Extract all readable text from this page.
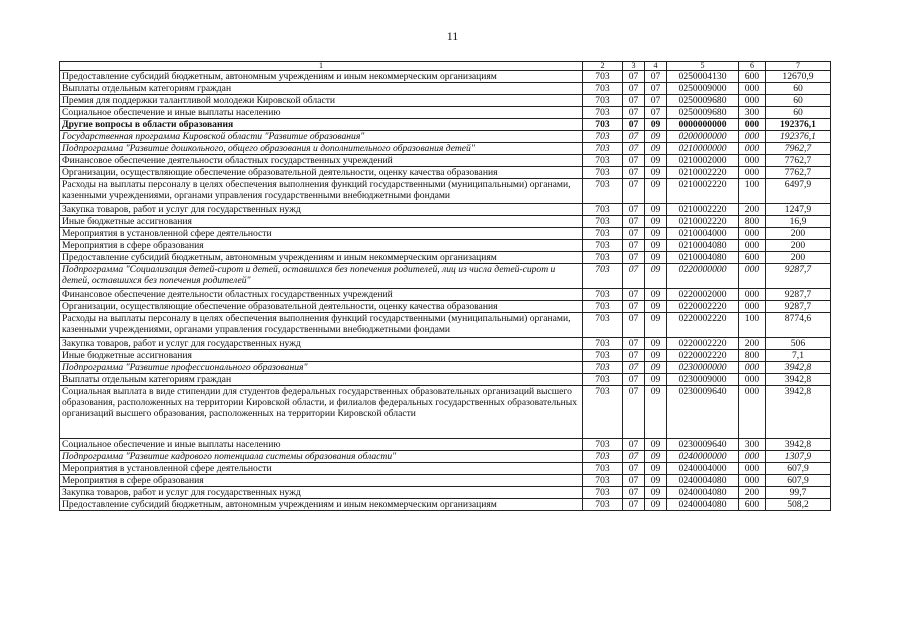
11
1	2	3	4	5	6	7
Предоставление субсидий бюджетным, автономным учреждениям и иным некоммерческим организациям	703	07	07	0250004130	600	12670,9
Выплаты отдельным категориям граждан	703	07	07	0250009000	000	60
Премия для поддержки талантливой молодежи Кировской области	703	07	07	0250009680	000	60
Социальное обеспечение и иные выплаты населению	703	07	07	0250009680	300	60
Другие вопросы в области образования	703	07	09	0000000000	000	192376,1
Государственная программа Кировской области "Развитие образования"	703	07	09	0200000000	000	192376,1
Подпрограмма "Развитие дошкольного, общего образования и дополнительного образования детей"	703	07	09	0210000000	000	7962,7
Финансовое обеспечение деятельности областных государственных учреждений	703	07	09	0210002000	000	7762,7
Организации, осуществляющие обеспечение образовательной деятельности, оценку качества образования	703	07	09	0210002220	000	7762,7
Расходы на выплаты персоналу в целях обеспечения выполнения функций государственными (муниципальными) органами, казенными учреждениями, органами управления государственными внебюджетными фондами	703	07	09	0210002220	100	6497,9
Закупка товаров, работ и услуг для государственных нужд	703	07	09	0210002220	200	1247,9
Иные бюджетные ассигнования	703	07	09	0210002220	800	16,9
Мероприятия в установленной сфере деятельности	703	07	09	0210004000	000	200
Мероприятия в сфере образования	703	07	09	0210004080	000	200
Предоставление субсидий бюджетным, автономным учреждениям и иным некоммерческим организациям	703	07	09	0210004080	600	200
Подпрограмма "Социализация детей-сирот и детей, оставшихся без попечения родителей, лиц из числа детей-сирот и детей, оставшихся без попечения родителей"	703	07	09	0220000000	000	9287,7
Финансовое обеспечение деятельности областных государственных учреждений	703	07	09	0220002000	000	9287,7
Организации, осуществляющие обеспечение образовательной деятельности, оценку качества образования	703	07	09	0220002220	000	9287,7
Расходы на выплаты персоналу в целях обеспечения выполнения функций государственными (муниципальными) органами, казенными учреждениями, органами управления государственными внебюджетными фондами	703	07	09	0220002220	100	8774,6
Закупка товаров, работ и услуг для государственных нужд	703	07	09	0220002220	200	506
Иные бюджетные ассигнования	703	07	09	0220002220	800	7,1
Подпрограмма "Развитие профессионального образования"	703	07	09	0230000000	000	3942,8
Выплаты отдельным категориям граждан	703	07	09	0230009000	000	3942,8
Социальная выплата в виде стипендии для студентов федеральных государственных образовательных организаций высшего образования, расположенных на территории Кировской области, и филиалов федеральных государственных образовательных организаций высшего образования, расположенных на территории Кировской области	703	07	09	0230009640	000	3942,8
Социальное обеспечение и иные выплаты населению	703	07	09	0230009640	300	3942,8
Подпрограмма "Развитие кадрового потенциала системы образования области"	703	07	09	0240000000	000	1307,9
Мероприятия в установленной сфере деятельности	703	07	09	0240004000	000	607,9
Мероприятия в сфере образования	703	07	09	0240004080	000	607,9
Закупка товаров, работ и услуг для государственных нужд	703	07	09	0240004080	200	99,7
Предоставление субсидий бюджетным, автономным учреждениям и иным некоммерческим организациям	703	07	09	0240004080	600	508,2
